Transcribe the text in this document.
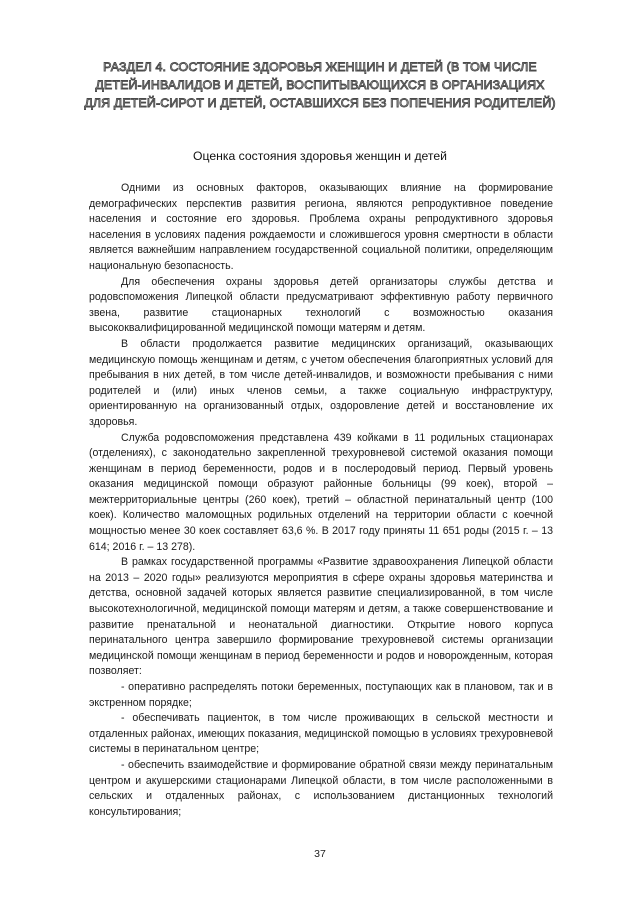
РАЗДЕЛ 4. СОСТОЯНИЕ ЗДОРОВЬЯ ЖЕНЩИН И ДЕТЕЙ (В ТОМ ЧИСЛЕ
ДЕТЕЙ-ИНВАЛИДОВ И ДЕТЕЙ, ВОСПИТЫВАЮЩИХСЯ В ОРГАНИЗАЦИЯХ
ДЛЯ ДЕТЕЙ-СИРОТ И ДЕТЕЙ, ОСТАВШИХСЯ БЕЗ ПОПЕЧЕНИЯ РОДИТЕЛЕЙ)
Оценка состояния здоровья женщин и детей

Одними из основных факторов, оказывающих влияние на формирование демографических перспектив развития региона, являются репродуктивное поведение населения и состояние его здоровья. Проблема охраны репродуктивного здоровья населения в условиях падения рождаемости и сложившегося уровня смертности в области является важнейшим направлением государственной социальной политики, определяющим национальную безопасность.

Для обеспечения охраны здоровья детей организаторы службы детства и родовспоможения Липецкой области предусматривают эффективную работу первичного звена, развитие стационарных технологий с возможностью оказания высококвалифицированной медицинской помощи матерям и детям.

В области продолжается развитие медицинских организаций, оказывающих медицинскую помощь женщинам и детям, с учетом обеспечения благоприятных условий для пребывания в них детей, в том числе детей-инвалидов, и возможности пребывания с ними родителей и (или) иных членов семьи, а также социальную инфраструктуру, ориентированную на организованный отдых, оздоровление детей и восстановление их здоровья.

Служба родовспоможения представлена 439 койками в 11 родильных стационарах (отделениях), с законодательно закрепленной трехуровневой системой оказания помощи женщинам в период беременности, родов и в послеродовый период. Первый уровень оказания медицинской помощи образуют районные больницы (99 коек), второй – межтерриториальные центры (260 коек), третий – областной перинатальный центр (100 коек). Количество маломощных родильных отделений на территории области с коечной мощностью менее 30 коек составляет 63,6 %. В 2017 году приняты 11 651 роды (2015 г. – 13 614; 2016 г. – 13 278).

В рамках государственной программы «Развитие здравоохранения Липецкой области на 2013 – 2020 годы» реализуются мероприятия в сфере охраны здоровья материнства и детства, основной задачей которых является развитие специализированной, в том числе высокотехнологичной, медицинской помощи матерям и детям, а также совершенствование и развитие пренатальной и неонатальной диагностики. Открытие нового корпуса перинатального центра завершило формирование трехуровневой системы организации медицинской помощи женщинам в период беременности и родов и новорожденным, которая позволяет:

- оперативно распределять потоки беременных, поступающих как в плановом, так и в экстренном порядке;

- обеспечивать пациенток, в том числе проживающих в сельской местности и отдаленных районах, имеющих показания, медицинской помощью в условиях трехуровневой системы в перинатальном центре;

- обеспечить взаимодействие и формирование обратной связи между перинатальным центром и акушерскими стационарами Липецкой области, в том числе расположенными в сельских и отдаленных районах, с использованием дистанционных технологий консультирования;

37
